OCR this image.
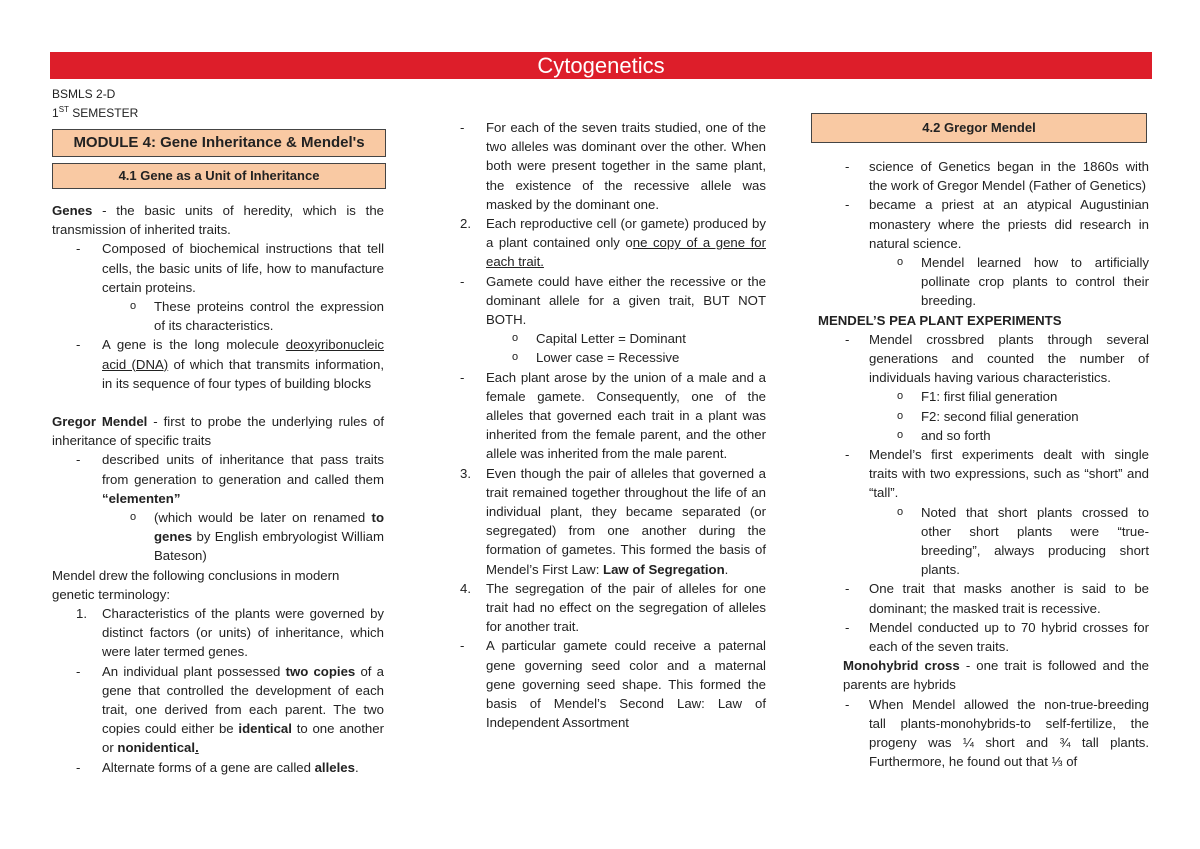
Cytogenetics
BSMLS 2-D
1ST SEMESTER
MODULE 4: Gene Inheritance & Mendel's
4.1 Gene as a Unit of Inheritance
4.2 Gregor Mendel

Genes - the basic units of heredity, which is the transmission of inherited traits.

- Composed of biochemical instructions that tell cells, the basic units of life, how to manufacture certain proteins.
o These proteins control the expression of its characteristics.
- A gene is the long molecule deoxyribonucleic acid (DNA) of which that transmits information, in its sequence of four types of building blocks

Gregor Mendel - first to probe the underlying rules of inheritance of specific traits

- described units of inheritance that pass traits from generation to generation and called them “elementen”
o (which would be later on renamed to genes by English embryologist William Bateson)

Mendel drew the following conclusions in modern genetic terminology:

1. Characteristics of the plants were governed by distinct factors (or units) of inheritance, which were later termed genes.
- An individual plant possessed two copies of a gene that controlled the development of each trait, one derived from each parent. The two copies could either be identical to one another or nonidentical.
- Alternate forms of a gene are called alleles.
- For each of the seven traits studied, one of the two alleles was dominant over the other. When both were present together in the same plant, the existence of the recessive allele was masked by the dominant one.
2. Each reproductive cell (or gamete) produced by a plant contained only one copy of a gene for each trait.
- Gamete could have either the recessive or the dominant allele for a given trait, BUT NOT BOTH.
o Capital Letter = Dominant
o Lower case = Recessive
- Each plant arose by the union of a male and a female gamete. Consequently, one of the alleles that governed each trait in a plant was inherited from the female parent, and the other allele was inherited from the male parent.
3. Even though the pair of alleles that governed a trait remained together throughout the life of an individual plant, they became separated (or segregated) from one another during the formation of gametes. This formed the basis of Mendel’s First Law: Law of Segregation.
4. The segregation of the pair of alleles for one trait had no effect on the segregation of alleles for another trait.
- A particular gamete could receive a paternal gene governing seed color and a maternal gene governing seed shape. This formed the basis of Mendel’s Second Law: Law of Independent Assortment
- science of Genetics began in the 1860s with the work of Gregor Mendel (Father of Genetics)
- became a priest at an atypical Augustinian monastery where the priests did research in natural science.
o Mendel learned how to artificially pollinate crop plants to control their breeding.

MENDEL’S PEA PLANT EXPERIMENTS

- Mendel crossbred plants through several generations and counted the number of individuals having various characteristics.
o F1: first filial generation
o F2: second filial generation
o and so forth
- Mendel’s first experiments dealt with single traits with two expressions, such as “short” and “tall”.
o Noted that short plants crossed to other short plants were “true-breeding”, always producing short plants.
- One trait that masks another is said to be dominant; the masked trait is recessive.
- Mendel conducted up to 70 hybrid crosses for each of the seven traits.

Monohybrid cross - one trait is followed and the parents are hybrids

- When Mendel allowed the non-true-breeding tall plants-monohybrids-to self-fertilize, the progeny was ¼ short and ¾ tall plants. Furthermore, he found out that ⅓ of
